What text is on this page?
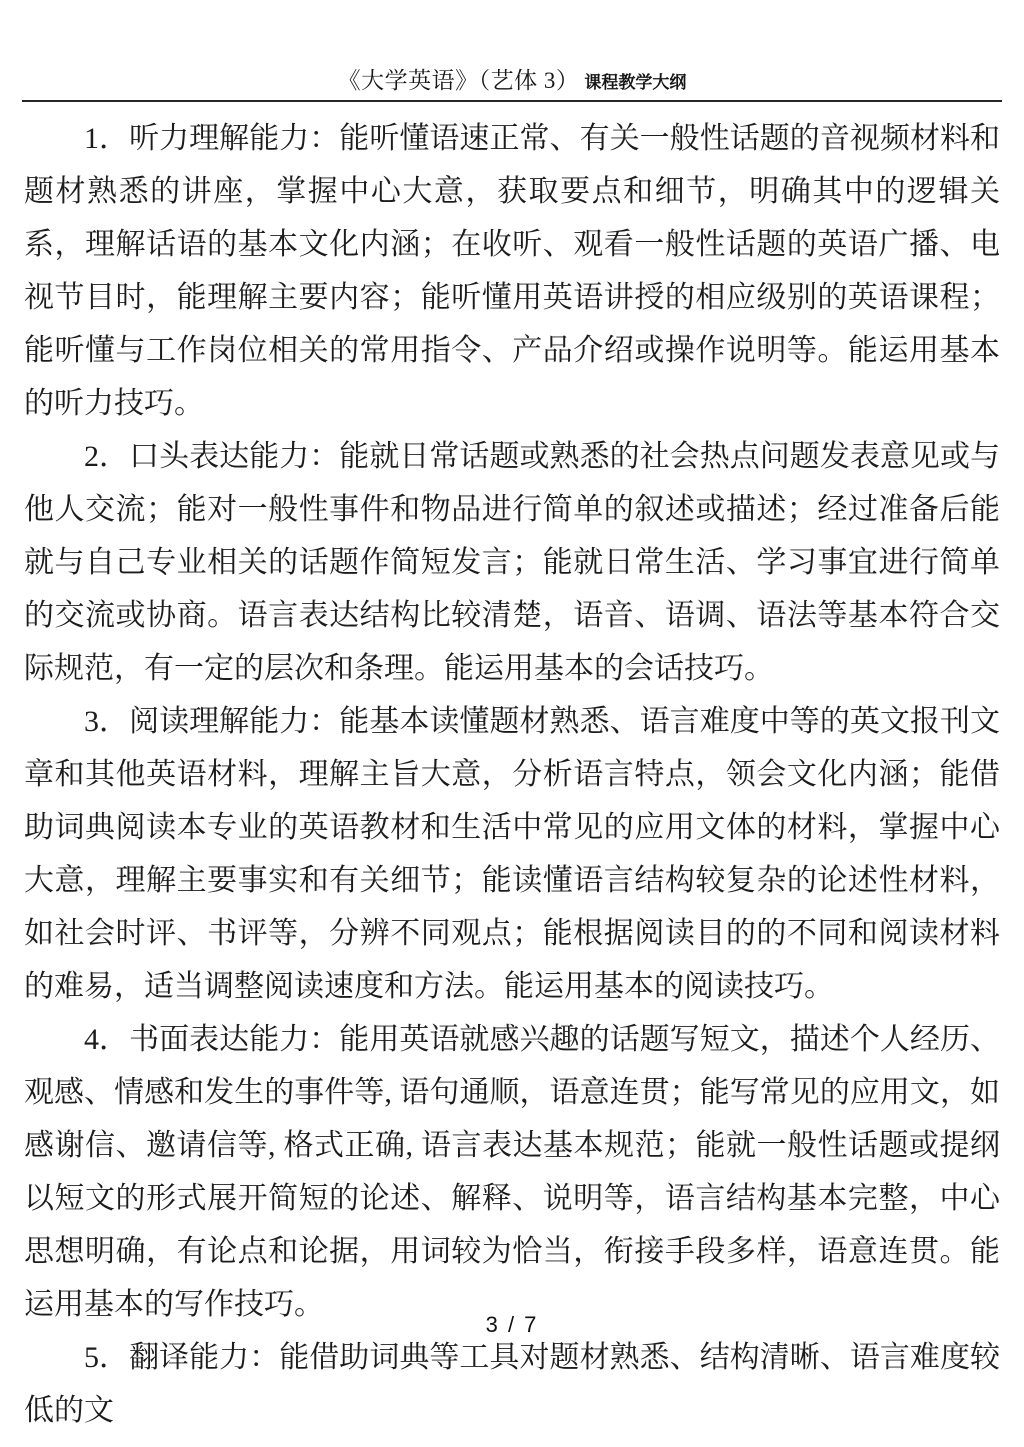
《大学英语》（艺体 3） 课程教学大纲

1．听力理解能力：能听懂语速正常、有关一般性话题的音视频材料和题材熟悉的讲座，掌握中心大意，获取要点和细节，明确其中的逻辑关系，理解话语的基本文化内涵；在收听、观看一般性话题的英语广播、电视节目时，能理解主要内容；能听懂用英语讲授的相应级别的英语课程；能听懂与工作岗位相关的常用指令、产品介绍或操作说明等。能运用基本的听力技巧。

2．口头表达能力：能就日常话题或熟悉的社会热点问题发表意见或与他人交流；能对一般性事件和物品进行简单的叙述或描述；经过准备后能就与自己专业相关的话题作简短发言；能就日常生活、学习事宜进行简单的交流或协商。语言表达结构比较清楚，语音、语调、语法等基本符合交际规范，有一定的层次和条理。能运用基本的会话技巧。

3．阅读理解能力：能基本读懂题材熟悉、语言难度中等的英文报刊文章和其他英语材料，理解主旨大意，分析语言特点，领会文化内涵；能借助词典阅读本专业的英语教材和生活中常见的应用文体的材料，掌握中心大意，理解主要事实和有关细节；能读懂语言结构较复杂的论述性材料，如社会时评、书评等，分辨不同观点；能根据阅读目的的不同和阅读材料的难易，适当调整阅读速度和方法。能运用基本的阅读技巧。

4．书面表达能力：能用英语就感兴趣的话题写短文，描述个人经历、观感、情感和发生的事件等, 语句通顺，语意连贯；能写常见的应用文，如感谢信、邀请信等, 格式正确, 语言表达基本规范；能就一般性话题或提纲以短文的形式展开简短的论述、解释、说明等，语言结构基本完整，中心思想明确，有论点和论据，用词较为恰当，衔接手段多样，语意连贯。能运用基本的写作技巧。

5．翻译能力：能借助词典等工具对题材熟悉、结构清晰、语言难度较低的文

3 / 7
